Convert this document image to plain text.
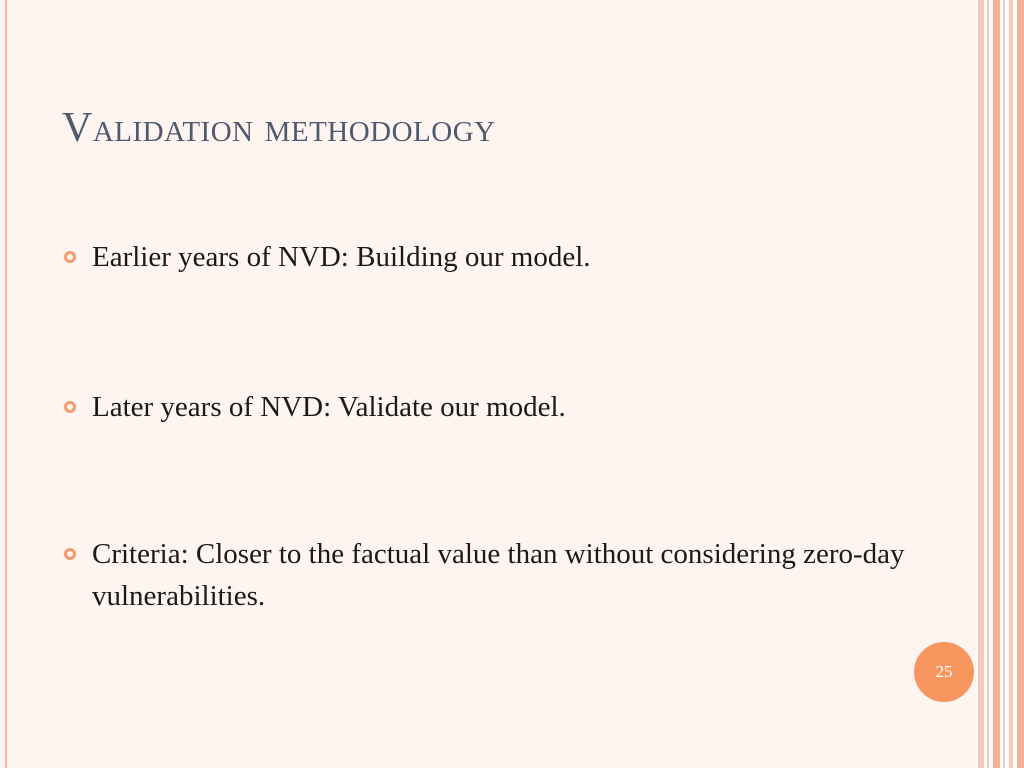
Validation methodology
Earlier years of NVD: Building our model.
Later years of NVD: Validate our model.
Criteria: Closer to the factual value than without considering zero-day vulnerabilities.
25
